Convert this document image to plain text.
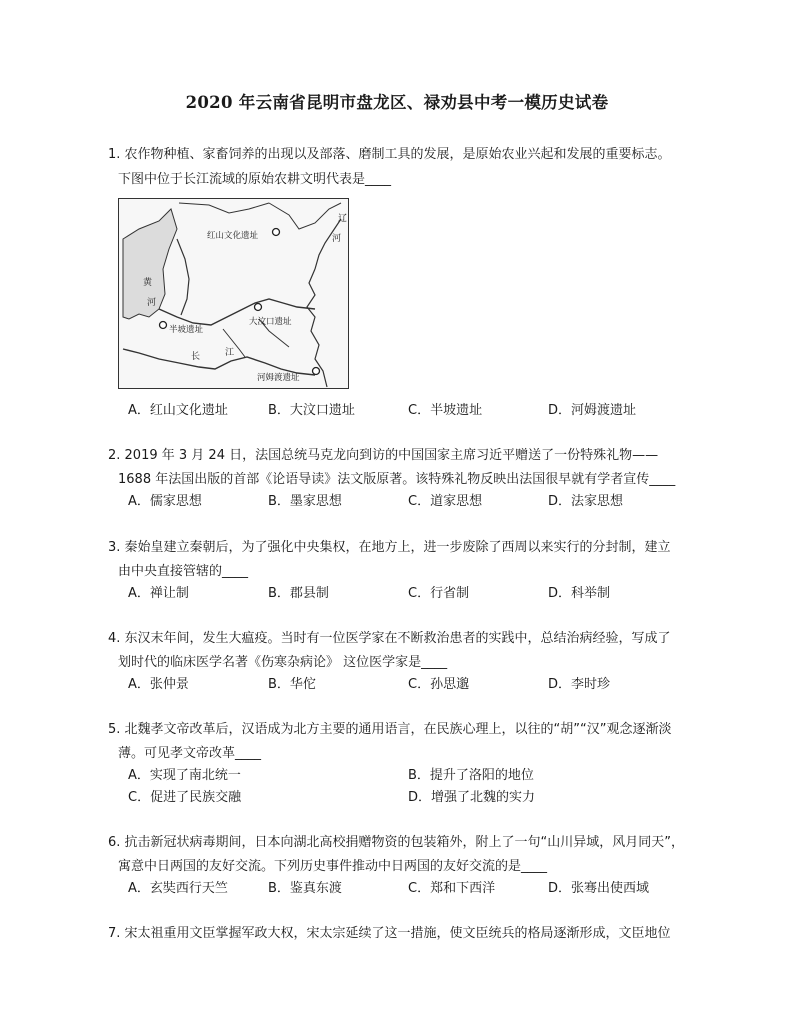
2020 年云南省昆明市盘龙区、禄劝县中考一模历史试卷
1. 农作物种植、家畜饲养的出现以及部落、磨制工具的发展，是原始农业兴起和发展的重要标志。
下图中位于长江流域的原始农耕文明代表是____
红山文化遗址
大汶口遗址
半坡遗址
河姆渡遗址
辽
河
黄
河
长	江
A．红山文化遗址	B．大汶口遗址	C．半坡遗址	D．河姆渡遗址
2. 2019 年 3 月 24 日，法国总统马克龙向到访的中国国家主席习近平赠送了一份特殊礼物——
1688 年法国出版的首部《论语导读》法文版原著。该特殊礼物反映出法国很早就有学者宣传____
A．儒家思想	B．墨家思想	C．道家思想	D．法家思想
3. 秦始皇建立秦朝后，为了强化中央集权，在地方上，进一步废除了西周以来实行的分封制，建立
由中央直接管辖的____
A．禅让制	B．郡县制	C．行省制	D．科举制
4. 东汉末年间，发生大瘟疫。当时有一位医学家在不断救治患者的实践中，总结治病经验，写成了
划时代的临床医学名著《伤寒杂病论》 这位医学家是____
A．张仲景	B．华佗	C．孙思邈	D．李时珍
5. 北魏孝文帝改革后，汉语成为北方主要的通用语言，在民族心理上，以往的“胡”“汉”观念逐渐淡
薄。可见孝文帝改革____
A．实现了南北统一	B．提升了洛阳的地位
C．促进了民族交融	D．增强了北魏的实力
6. 抗击新冠状病毒期间，日本向湖北高校捐赠物资的包装箱外，附上了一句“山川异域，风月同天”，
寓意中日两国的友好交流。下列历史事件推动中日两国的友好交流的是____
A．玄奘西行天竺	B．鉴真东渡	C．郑和下西洋	D．张骞出使西域
7. 宋太祖重用文臣掌握军政大权，宋太宗延续了这一措施，使文臣统兵的格局逐渐形成，文臣地位
